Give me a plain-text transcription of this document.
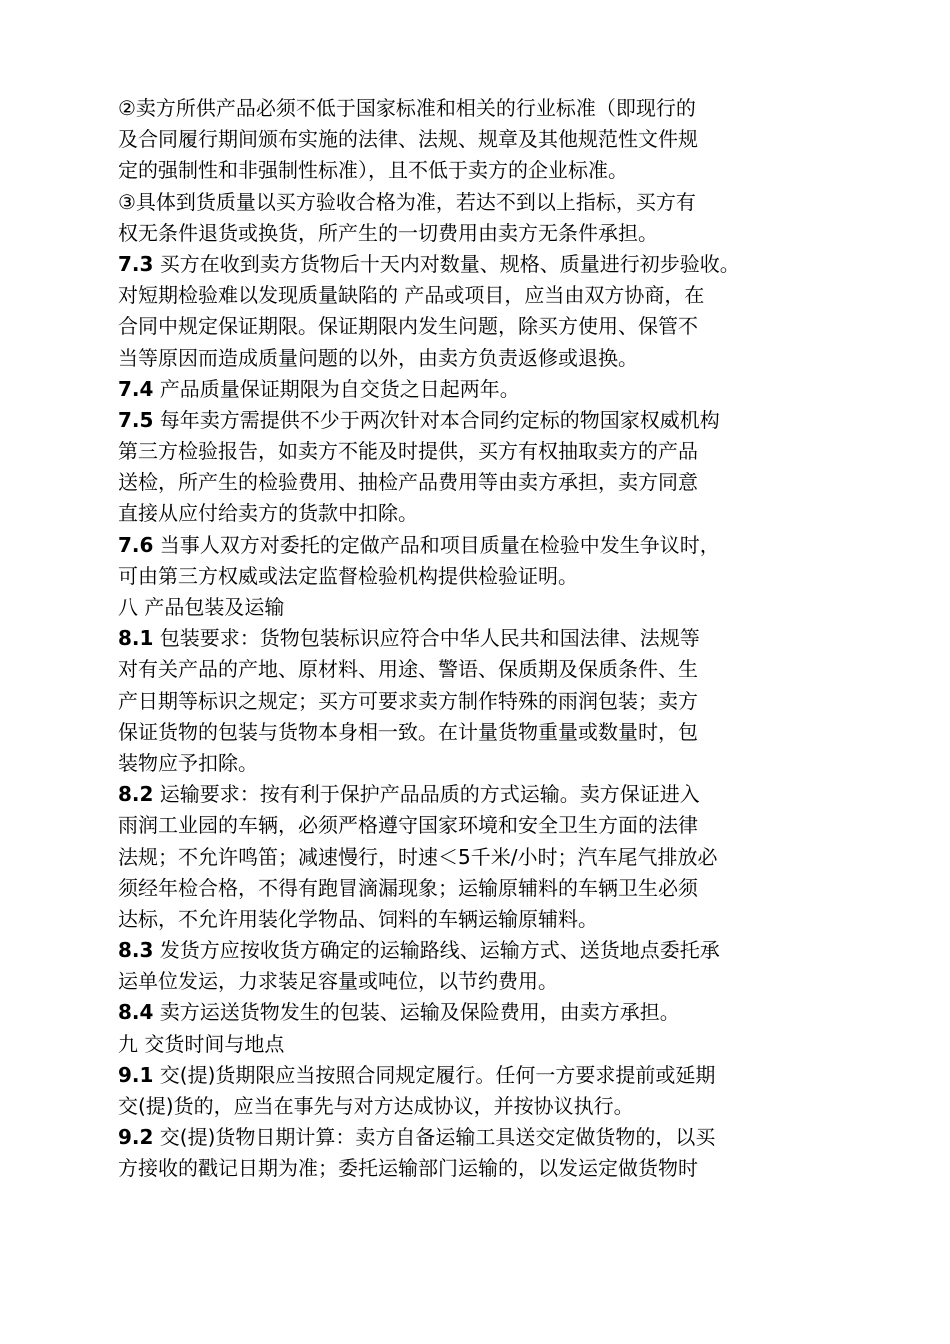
②卖方所供产品必须不低于国家标准和相关的行业标准（即现行的
及合同履行期间颁布实施的法律、法规、规章及其他规范性文件规
定的强制性和非强制性标准），且不低于卖方的企业标准。
③具体到货质量以买方验收合格为准，若达不到以上指标，买方有
权无条件退货或换货，所产生的一切费用由卖方无条件承担。
7.3 买方在收到卖方货物后十天内对数量、规格、质量进行初步验收。
对短期检验难以发现质量缺陷的 产品或项目，应当由双方协商，在
合同中规定保证期限。保证期限内发生问题，除买方使用、保管不
当等原因而造成质量问题的以外，由卖方负责返修或退换。
7.4 产品质量保证期限为自交货之日起两年。
7.5 每年卖方需提供不少于两次针对本合同约定标的物国家权威机构
第三方检验报告，如卖方不能及时提供，买方有权抽取卖方的产品
送检，所产生的检验费用、抽检产品费用等由卖方承担，卖方同意
直接从应付给卖方的货款中扣除。
7.6 当事人双方对委托的定做产品和项目质量在检验中发生争议时，
可由第三方权威或法定监督检验机构提供检验证明。
八 产品包装及运输
8.1 包装要求：货物包装标识应符合中华人民共和国法律、法规等
对有关产品的产地、原材料、用途、警语、保质期及保质条件、生
产日期等标识之规定；买方可要求卖方制作特殊的雨润包装；卖方
保证货物的包装与货物本身相一致。在计量货物重量或数量时，包
装物应予扣除。
8.2 运输要求：按有利于保护产品品质的方式运输。卖方保证进入
雨润工业园的车辆，必须严格遵守国家环境和安全卫生方面的法律
法规；不允许鸣笛；减速慢行，时速＜5千米/小时；汽车尾气排放必
须经年检合格，不得有跑冒滴漏现象；运输原辅料的车辆卫生必须
达标，不允许用装化学物品、饲料的车辆运输原辅料。
8.3 发货方应按收货方确定的运输路线、运输方式、送货地点委托承
运单位发运，力求装足容量或吨位，以节约费用。
8.4 卖方运送货物发生的包装、运输及保险费用，由卖方承担。
九 交货时间与地点
9.1 交(提)货期限应当按照合同规定履行。任何一方要求提前或延期
交(提)货的，应当在事先与对方达成协议，并按协议执行。
9.2 交(提)货物日期计算：卖方自备运输工具送交定做货物的，以买
方接收的戳记日期为准；委托运输部门运输的，以发运定做货物时
